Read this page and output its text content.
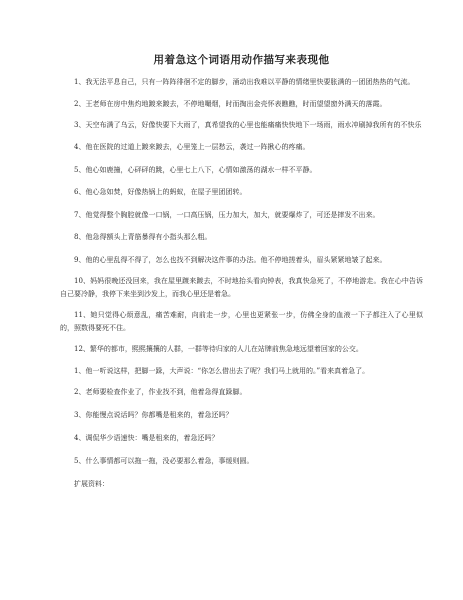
用着急这个词语用动作描写来表现他

1、我无法平息自己，只有一阵阵徘徊不定的脚步，涌动出我难以平静的情绪里快要胀满的一团团热热的气流。

2、王老师在房中焦灼地踱来踱去，不停地嘬烟，时而掏出金壳怀表瞧瞧，时而望望窗外满天的落霞。

3、天空布满了乌云，好像快要下大雨了，真希望我的心里也能痛痛快快地下一场雨，雨水冲刷掉我所有的不快乐

4、他在医院的过道上踱来踱去，心里笼上一层愁云，袭过一阵揪心的疼痛。

5、他心如鹿撞，心砰砰的跳，心里七上八下，心情如激荡的湖水一样不平静。

6、他心急如焚，好像热锅上的蚂蚁，在屋子里团团转。

7、他觉得整个胸腔就像一口锅，一口高压锅，压力加大，加大，就要爆炸了，可还是摔发不出来。

8、他急得额头上青筋暴得有小指头那么粗。

9、他的心里乱得不得了，怎么也找不到解决这件事的办法。他不停地搓着头，眉头紧紧地皱了起来。

10、妈妈很晚还没回来，我在屋里踱来踱去，不时地抬头看向钟表，我真快急死了，不停地游走。我在心中告诉自己要冷静，我停下来坐到沙发上，而我心里还是着急。

11、她只觉得心烦意乱，痛苦难耐，向前走一步，心里也更紧张一步，仿佛全身的血液一下子都注入了心里似的，照数得要死不住。

12、繁华的都市，熙熙攘攘的人群，一群等待归家的人儿在站牌前焦急地远望着回家的公交。

1、他一听说这样，把脚一跺，大声说：“你怎么借出去了呢？我们马上就用的。”看来真着急了。

2、老师要检查作业了，作业找不到，他着急得直跺脚。

3、你能慢点说话吗？你都嘴是租来的，着急还吗？

4、调侃华少语速快：嘴是租来的，着急还吗？

5、什么事情都可以拖一拖，没必要那么着急，事缓则圆。

扩展资料：
